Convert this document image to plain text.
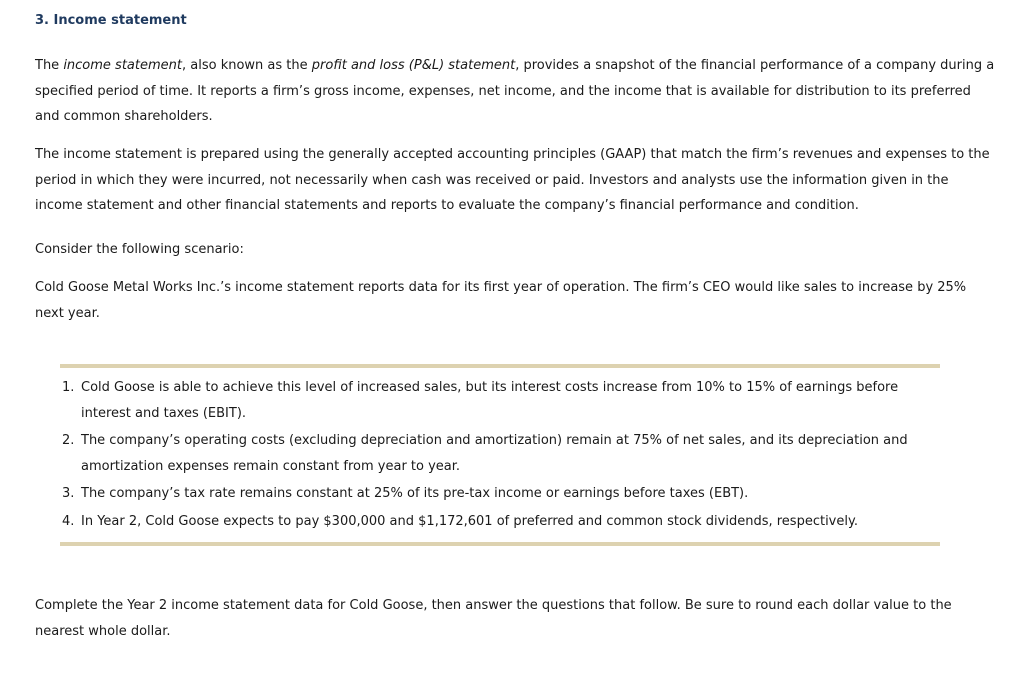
3. Income statement

The income statement, also known as the profit and loss (P&L) statement, provides a snapshot of the financial performance of a company during a specified period of time. It reports a firm’s gross income, expenses, net income, and the income that is available for distribution to its preferred and common shareholders.

The income statement is prepared using the generally accepted accounting principles (GAAP) that match the firm’s revenues and expenses to the period in which they were incurred, not necessarily when cash was received or paid. Investors and analysts use the information given in the income statement and other financial statements and reports to evaluate the company’s financial performance and condition.

Consider the following scenario:

Cold Goose Metal Works Inc.’s income statement reports data for its first year of operation. The firm’s CEO would like sales to increase by 25% next year.

1. Cold Goose is able to achieve this level of increased sales, but its interest costs increase from 10% to 15% of earnings before interest and taxes (EBIT).
2. The company’s operating costs (excluding depreciation and amortization) remain at 75% of net sales, and its depreciation and amortization expenses remain constant from year to year.
3. The company’s tax rate remains constant at 25% of its pre-tax income or earnings before taxes (EBT).
4. In Year 2, Cold Goose expects to pay $300,000 and $1,172,601 of preferred and common stock dividends, respectively.

Complete the Year 2 income statement data for Cold Goose, then answer the questions that follow. Be sure to round each dollar value to the nearest whole dollar.
